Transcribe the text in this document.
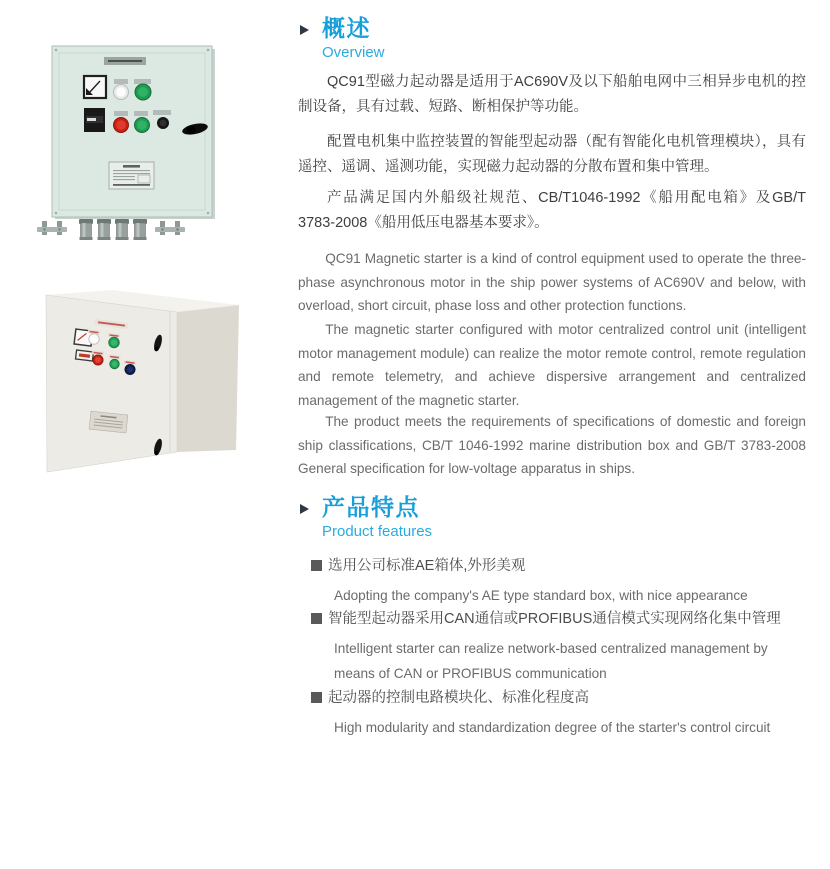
概述
Overview

QC91型磁力起动器是适用于AC690V及以下船舶电网中三相异步电机的控制设备，具有过载、短路、断相保护等功能。

配置电机集中监控装置的智能型起动器（配有智能化电机管理模块），具有遥控、遥调、遥测功能，实现磁力起动器的分散布置和集中管理。

产品满足国内外船级社规范、CB/T1046-1992《船用配电箱》及GB/T 3783-2008《船用低压电器基本要求》。

QC91 Magnetic starter is a kind of control equipment used to operate the three-phase asynchronous motor in the ship power systems of AC690V and below, with overload, short circuit, phase loss and other protection functions.

The magnetic starter configured with motor centralized control unit (intelligent motor management module) can realize the motor remote control, remote regulation and remote telemetry, and achieve dispersive arrangement and centralized management of the magnetic starter.

The product meets the requirements of specifications of domestic and foreign ship classifications, CB/T 1046-1992 marine distribution box and GB/T 3783-2008 General specification for low-voltage apparatus in ships.

产品特点
Product features
选用公司标准AE箱体,外形美观
Adopting the company's AE type standard box, with nice appearance
智能型起动器采用CAN通信或PROFIBUS通信模式实现网络化集中管理
Intelligent starter can realize network-based centralized management by means of CAN or PROFIBUS communication
起动器的控制电路模块化、标准化程度高
High modularity and standardization degree of the starter's control circuit
